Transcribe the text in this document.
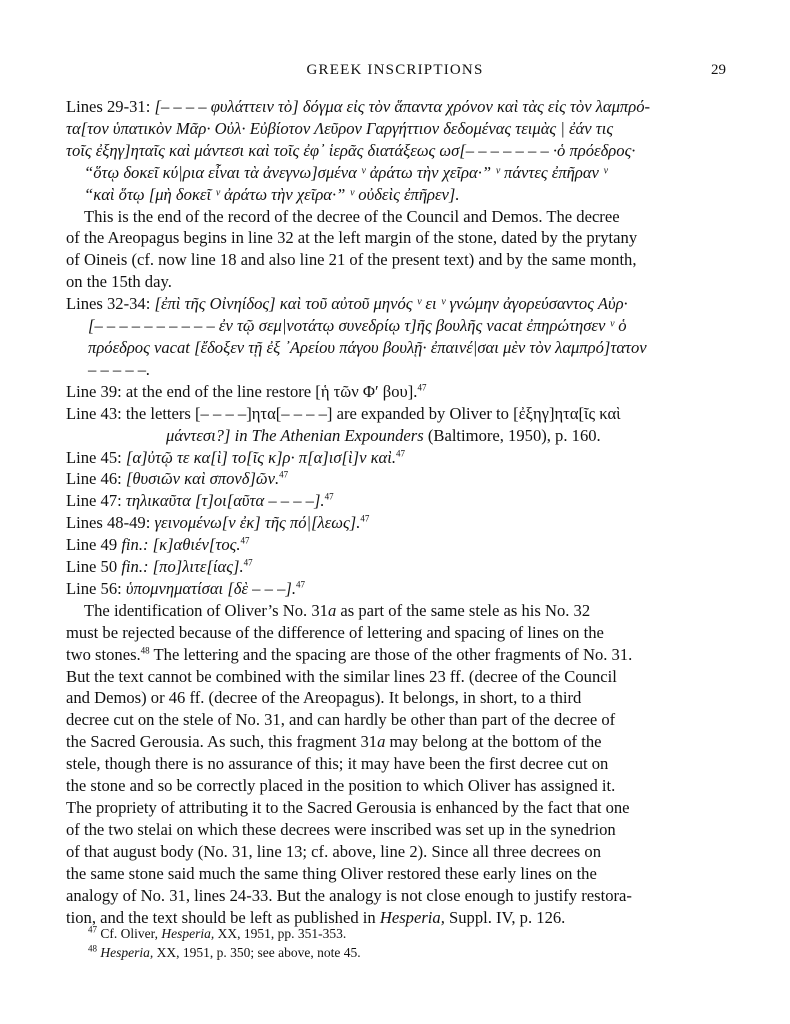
GREEK INSCRIPTIONS	29
Lines 29-31: [– – – – φυλάττειν τὸ] δόγμα εἰς τὸν ἅπαντα χρόνον καὶ τὰς εἰς τὸν λαμπρό-
τα[τον ὑπατικὸν Μᾶρ· Οὐλ· Εὐβίοτον Λεῦρον Γαργήττιον δεδομένας τειμὰς | ἐάν τις
τοῖς ἐξηγ]ηταῖς καὶ μάντεσι καὶ τοῖς ἐφ᾽ ἱερᾶς διατάξεως ωσ[– – – – – – – ·ὁ πρόεδρος·
“ὅτῳ δοκεῖ κύ|ρια εἶναι τὰ ἀνεγνω]σμένα ᵛ ἀράτω τὴν χεῖρα·” ᵛ πάντες ἐπῆραν ᵛ
“καὶ ὅτῳ [μὴ δοκεῖ ᵛ ἀράτω τὴν χεῖρα·” ᵛ οὐδεὶς ἐπῆρεν].
This is the end of the record of the decree of the Council and Demos. The decree
of the Areopagus begins in line 32 at the left margin of the stone, dated by the prytany
of Oineis (cf. now line 18 and also line 21 of the present text) and by the same month,
on the 15th day.
Lines 32-34: [ἐπὶ τῆς Οἰνηίδος] καὶ τοῦ αὐτοῦ μηνός ᵛ ει ᵛ γνώμην ἀγορεύσαντος Αὐρ·
[– – – – – – – – – – ἐν τῷ σεμ|νοτάτῳ συνεδρίῳ τ]ῆς βουλῆς vacat ἐπηρώτησεν ᵛ ὁ
πρόεδρος vacat [ἔδοξεν τῇ ἐξ ᾽Αρείου πάγου βουλῇ· ἐπαινέ|σαι μὲν τὸν λαμπρό]τατον
– – – – –.
Line 39: at the end of the line restore [ἡ τῶν Φ′ βου].$^{47}$
Line 43: the letters [– – – –]ητα[– – – –] are expanded by Oliver to [ἐξηγ]ητα[ῖς καὶ
μάντεσι?] in The Athenian Expounders (Baltimore, 1950), p. 160.
Line 45: [α]ὐτῷ τε κα[ὶ] το[ῖς κ]ρ· π[α]ισ[ὶ]ν καὶ.$^{47}$
Line 46: [θυσιῶν καὶ σπονδ]ῶν.$^{47}$
Line 47: τηλικαῦτα [τ]οι[αῦτα – – – –].$^{47}$
Lines 48-49: γεινομένω[ν ἐκ] τῆς πό|[λεως].$^{47}$
Line 49 fin.: [κ]αθιέν[τος.$^{47}$
Line 50 fin.: [πο]λιτε[ίας].$^{47}$
Line 56: ὑπομνηματίσαι [δὲ – – –].$^{47}$
The identification of Oliver’s No. 31a as part of the same stele as his No. 32
must be rejected because of the difference of lettering and spacing of lines on the
two stones.$^{48}$ The lettering and the spacing are those of the other fragments of No. 31.
But the text cannot be combined with the similar lines 23 ff. (decree of the Council
and Demos) or 46 ff. (decree of the Areopagus). It belongs, in short, to a third
decree cut on the stele of No. 31, and can hardly be other than part of the decree of
the Sacred Gerousia. As such, this fragment 31a may belong at the bottom of the
stele, though there is no assurance of this; it may have been the first decree cut on
the stone and so be correctly placed in the position to which Oliver has assigned it.
The propriety of attributing it to the Sacred Gerousia is enhanced by the fact that one
of the two stelai on which these decrees were inscribed was set up in the synedrion
of that august body (No. 31, line 13; cf. above, line 2). Since all three decrees on
the same stone said much the same thing Oliver restored these early lines on the
analogy of No. 31, lines 24-33. But the analogy is not close enough to justify restora-
tion, and the text should be left as published in Hesperia, Suppl. IV, p. 126.

$^{47}$ Cf. Oliver, Hesperia, XX, 1951, pp. 351-353.

$^{48}$ Hesperia, XX, 1951, p. 350; see above, note 45.
